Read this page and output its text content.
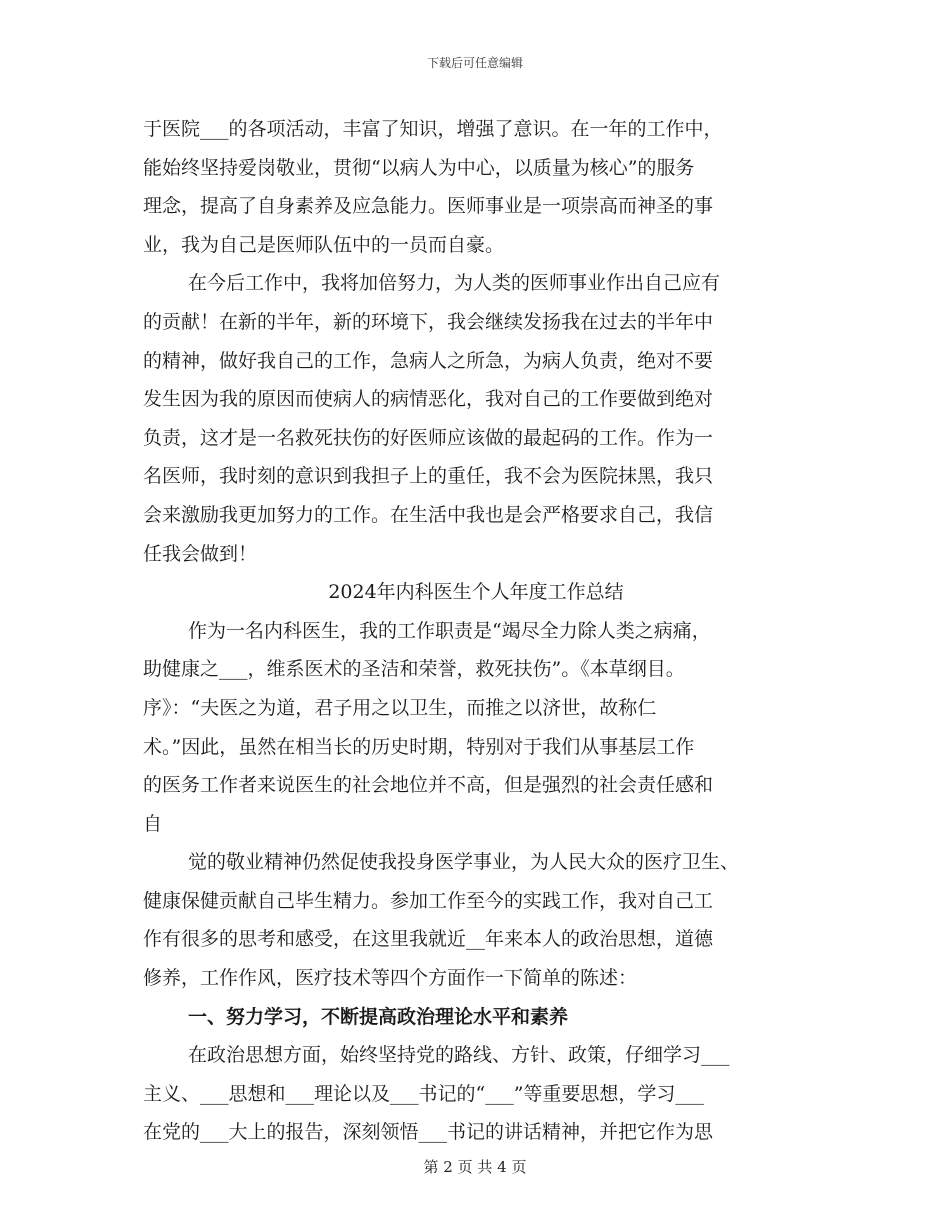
下载后可任意编辑
于医院___的各项活动，丰富了知识，增强了意识。在一年的工作中，
能始终坚持爱岗敬业，贯彻“以病人为中心，以质量为核心”的服务
理念，提高了自身素养及应急能力。医师事业是一项崇高而神圣的事
业，我为自己是医师队伍中的一员而自豪。
在今后工作中，我将加倍努力，为人类的医师事业作出自己应有
的贡献！在新的半年，新的环境下，我会继续发扬我在过去的半年中
的精神，做好我自己的工作，急病人之所急，为病人负责，绝对不要
发生因为我的原因而使病人的病情恶化，我对自己的工作要做到绝对
负责，这才是一名救死扶伤的好医师应该做的最起码的工作。作为一
名医师，我时刻的意识到我担子上的重任，我不会为医院抹黑，我只
会来激励我更加努力的工作。在生活中我也是会严格要求自己，我信
任我会做到！
2024年内科医生个人年度工作总结
作为一名内科医生，我的工作职责是“竭尽全力除人类之病痛，
助健康之___，维系医术的圣洁和荣誉，救死扶伤”。《本草纲目。
序》：“夫医之为道，君子用之以卫生，而推之以济世，故称仁
术。”因此，虽然在相当长的历史时期，特别对于我们从事基层工作
的医务工作者来说医生的社会地位并不高，但是强烈的社会责任感和
自
觉的敬业精神仍然促使我投身医学事业，为人民大众的医疗卫生、
健康保健贡献自己毕生精力。参加工作至今的实践工作，我对自己工
作有很多的思考和感受，在这里我就近__年来本人的政治思想，道德
修养，工作作风，医疗技术等四个方面作一下简单的陈述：
一、努力学习，不断提高政治理论水平和素养
在政治思想方面，始终坚持党的路线、方针、政策，仔细学习___
主义、___思想和___理论以及___书记的“___”等重要思想，学习___
在党的___大上的报告，深刻领悟___书记的讲话精神，并把它作为思
第 2 页 共 4 页
